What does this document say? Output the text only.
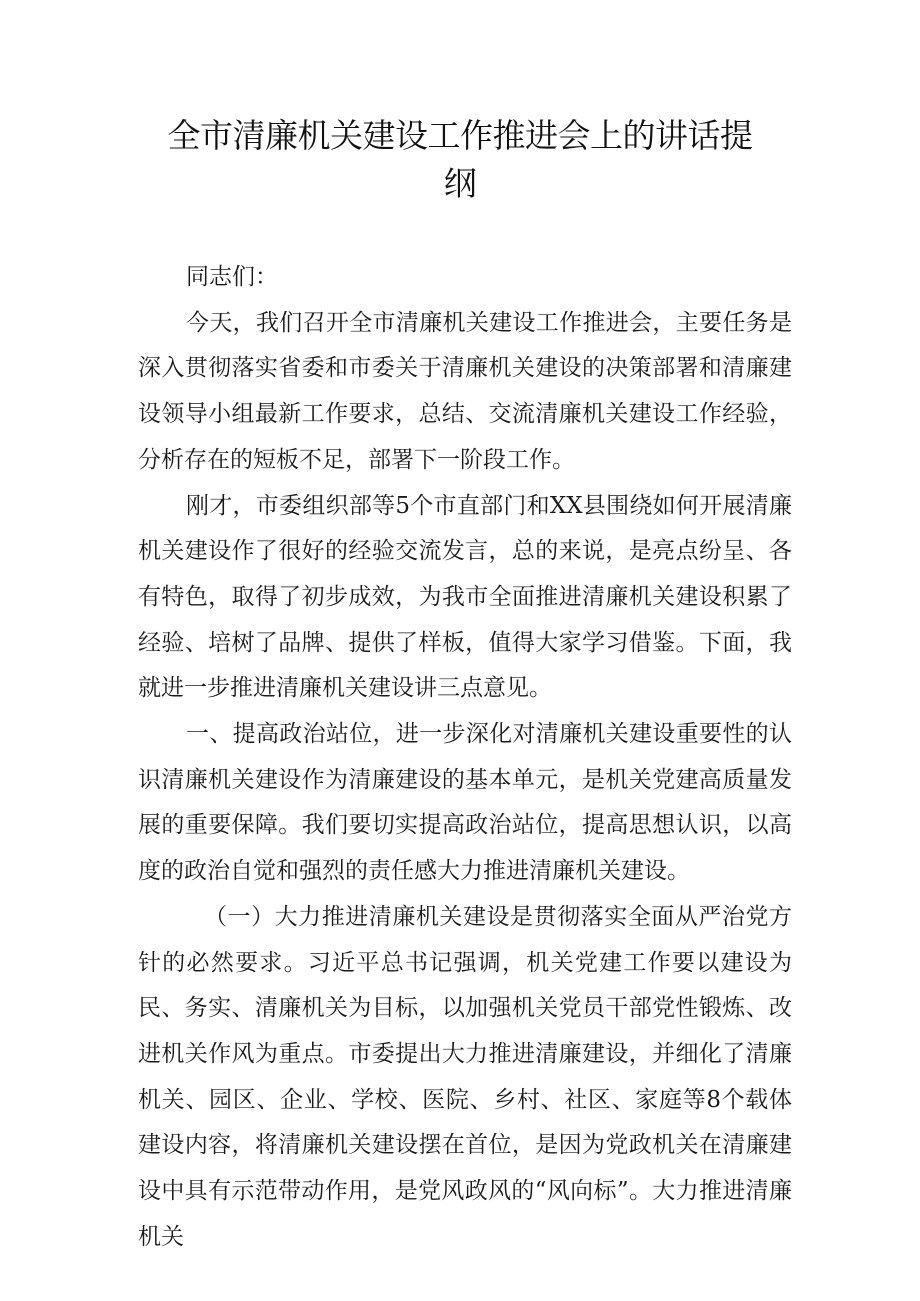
全市清廉机关建设工作推进会上的讲话提
纲

同志们：

今天，我们召开全市清廉机关建设工作推进会，主要任务是深入贯彻落实省委和市委关于清廉机关建设的决策部署和清廉建设领导小组最新工作要求，总结、交流清廉机关建设工作经验，分析存在的短板不足，部署下一阶段工作。

刚才，市委组织部等5个市直部门和XX县围绕如何开展清廉机关建设作了很好的经验交流发言，总的来说，是亮点纷呈、各有特色，取得了初步成效，为我市全面推进清廉机关建设积累了经验、培树了品牌、提供了样板，值得大家学习借鉴。下面，我就进一步推进清廉机关建设讲三点意见。

一、提高政治站位，进一步深化对清廉机关建设重要性的认识清廉机关建设作为清廉建设的基本单元，是机关党建高质量发展的重要保障。我们要切实提高政治站位，提高思想认识，以高度的政治自觉和强烈的责任感大力推进清廉机关建设。

（一）大力推进清廉机关建设是贯彻落实全面从严治党方针的必然要求。习近平总书记强调，机关党建工作要以建设为民、务实、清廉机关为目标，以加强机关党员干部党性锻炼、改进机关作风为重点。市委提出大力推进清廉建设，并细化了清廉机关、园区、企业、学校、医院、乡村、社区、家庭等8个载体建设内容，将清廉机关建设摆在首位，是因为党政机关在清廉建设中具有示范带动作用，是党风政风的“风向标”。大力推进清廉机关
